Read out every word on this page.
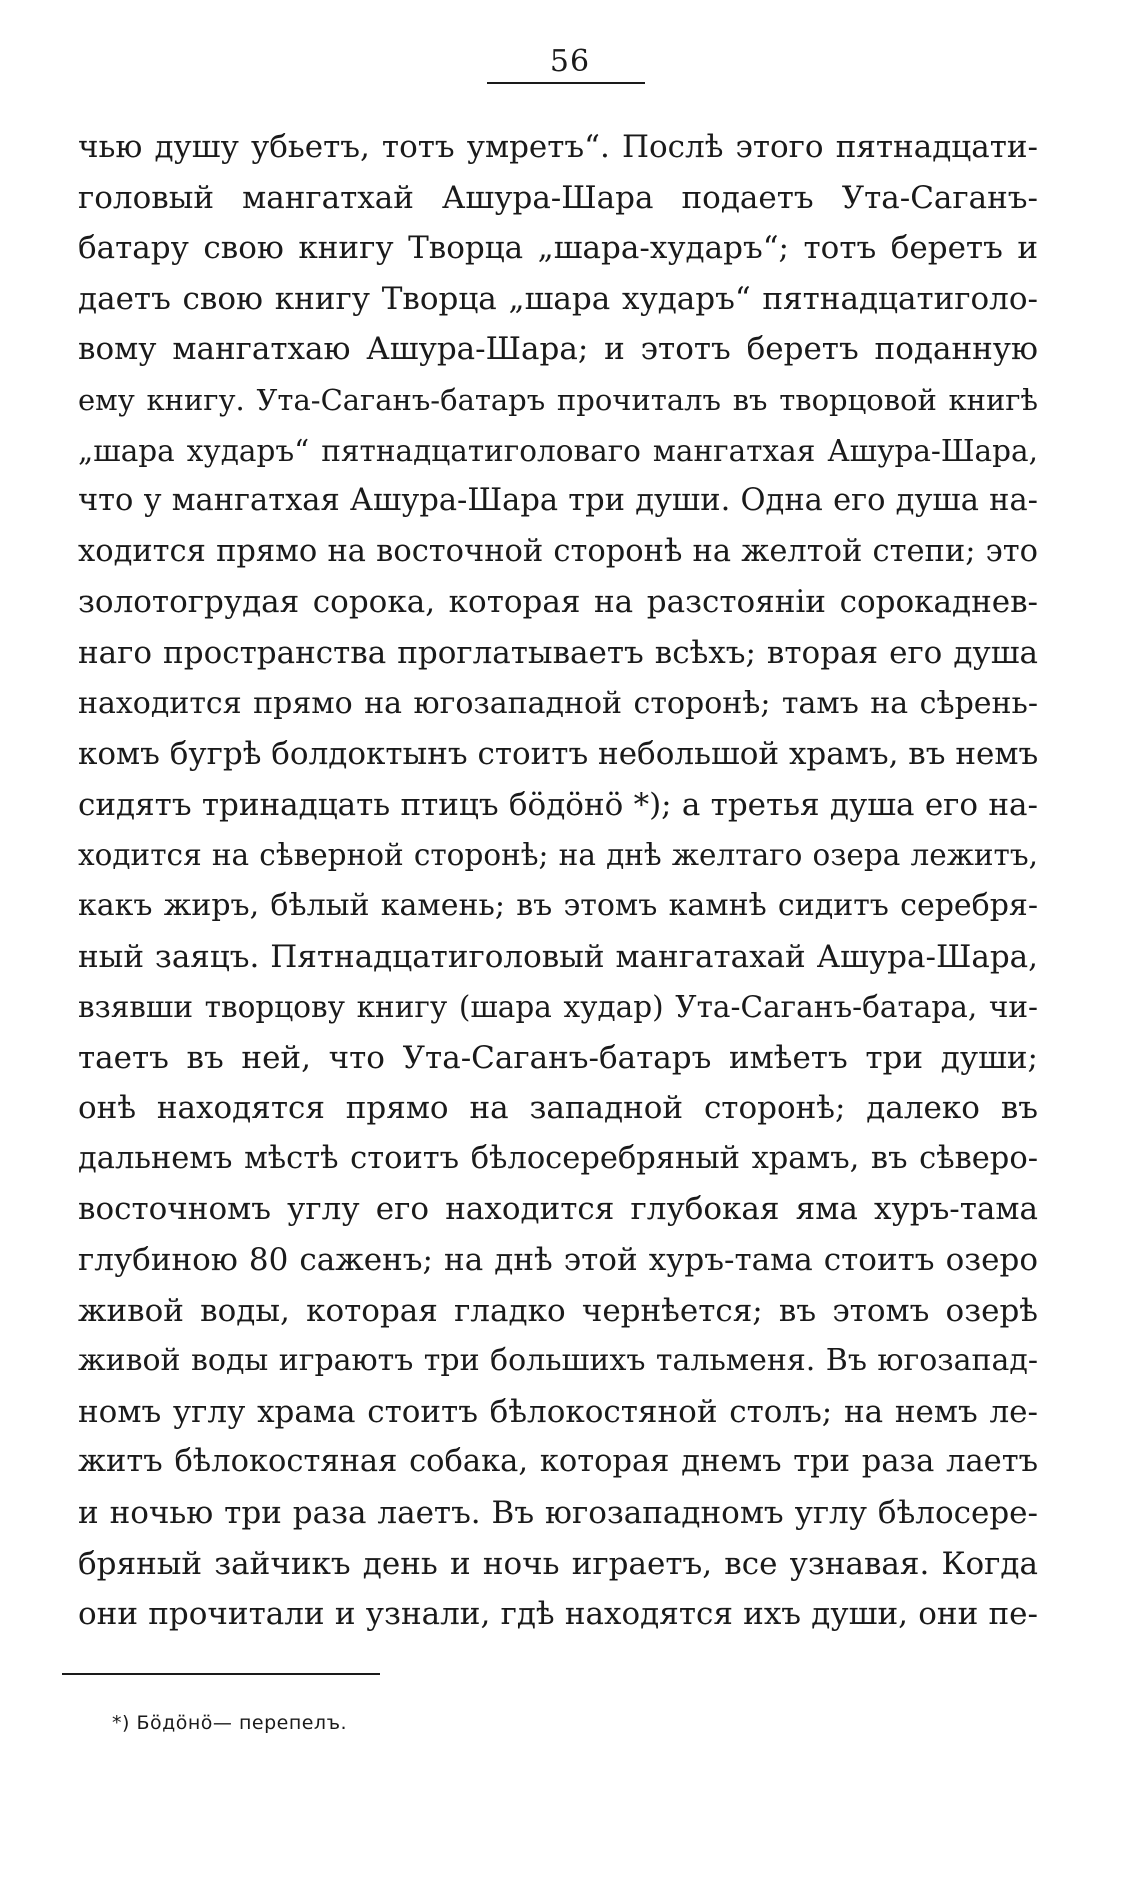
56
чью душу убьетъ, тотъ умретъ“. Послѣ этого пятнадцати-
головый мангатхай Ашура-Шара подаетъ Ута-Саганъ-
батару свою книгу Творца „шара-хударъ“; тотъ беретъ и
даетъ свою книгу Творца „шара хударъ“ пятнадцатиголо-
вому мангатхаю Ашура-Шара; и этотъ беретъ поданную
ему книгу. Ута-Саганъ-батаръ прочиталъ въ творцовой книгѣ
„шара хударъ“ пятнадцатиголоваго мангатхая Ашура-Шара,
что у мангатхая Ашура-Шара три души. Одна его душа на-
ходится прямо на восточной сторонѣ на желтой степи; это
золотогрудая сорока, которая на разстояніи сорокаднев-
наго пространства проглатываетъ всѣхъ; вторая его душа
находится прямо на югозападной сторонѣ; тамъ на сѣрень-
комъ бугрѣ болдоктынъ стоитъ небольшой храмъ, въ немъ
сидятъ тринадцать птицъ бӧдӧнӧ *); а третья душа его на-
ходится на сѣверной сторонѣ; на днѣ желтаго озера лежитъ,
какъ жиръ, бѣлый камень; въ этомъ камнѣ сидитъ серебря-
ный заяцъ. Пятнадцатиголовый мангатахай Ашура-Шара,
взявши творцову книгу (шара худар) Ута-Саганъ-батара, чи-
таетъ въ ней, что Ута-Саганъ-батаръ имѣетъ три души;
онѣ находятся прямо на западной сторонѣ; далеко въ
дальнемъ мѣстѣ стоитъ бѣлосеребряный храмъ, въ сѣверо-
восточномъ углу его находится глубокая яма хуръ-тама
глубиною 80 саженъ; на днѣ этой хуръ-тама стоитъ озеро
живой воды, которая гладко чернѣется; въ этомъ озерѣ
живой воды играютъ три большихъ тальменя. Въ югозапад-
номъ углу храма стоитъ бѣлокостяной столъ; на немъ ле-
житъ бѣлокостяная собака, которая днемъ три раза лаетъ
и ночью три раза лаетъ. Въ югозападномъ углу бѣлосере-
бряный зайчикъ день и ночь играетъ, все узнавая. Когда
они прочитали и узнали, гдѣ находятся ихъ души, они пе-
*) Бӧдӧнӧ— перепелъ.
